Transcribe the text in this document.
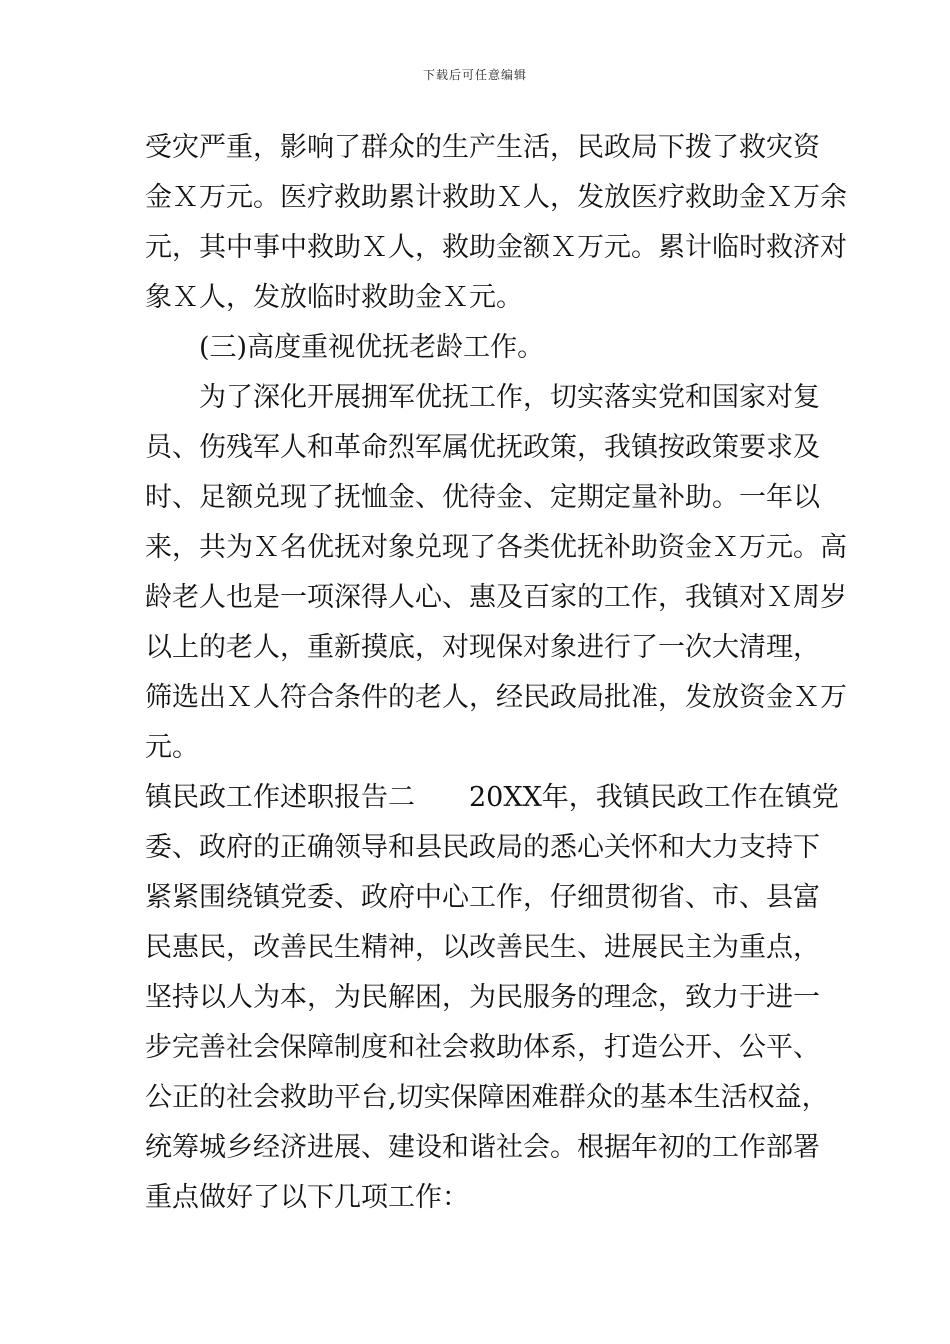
下载后可任意编辑
受灾严重，影响了群众的生产生活，民政局下拨了救灾资
金Ｘ万元。医疗救助累计救助Ｘ人，发放医疗救助金Ｘ万余
元，其中事中救助Ｘ人，救助金额Ｘ万元。累计临时救济对
象Ｘ人，发放临时救助金Ｘ元。
　　(三)高度重视优抚老龄工作。
　　为了深化开展拥军优抚工作，切实落实党和国家对复
员、伤残军人和革命烈军属优抚政策，我镇按政策要求及
时、足额兑现了抚恤金、优待金、定期定量补助。一年以
来，共为Ｘ名优抚对象兑现了各类优抚补助资金Ｘ万元。高
龄老人也是一项深得人心、惠及百家的工作，我镇对Ｘ周岁
以上的老人，重新摸底，对现保对象进行了一次大清理，
筛选出Ｘ人符合条件的老人，经民政局批准，发放资金Ｘ万
元。
镇民政工作述职报告二　　20XX年，我镇民政工作在镇党
委、政府的正确领导和县民政局的悉心关怀和大力支持下
紧紧围绕镇党委、政府中心工作，仔细贯彻省、市、县富
民惠民，改善民生精神，以改善民生、进展民主为重点，
坚持以人为本，为民解困，为民服务的理念，致力于进一
步完善社会保障制度和社会救助体系，打造公开、公平、
公正的社会救助平台,切实保障困难群众的基本生活权益，
统筹城乡经济进展、建设和谐社会。根据年初的工作部署
重点做好了以下几项工作：
